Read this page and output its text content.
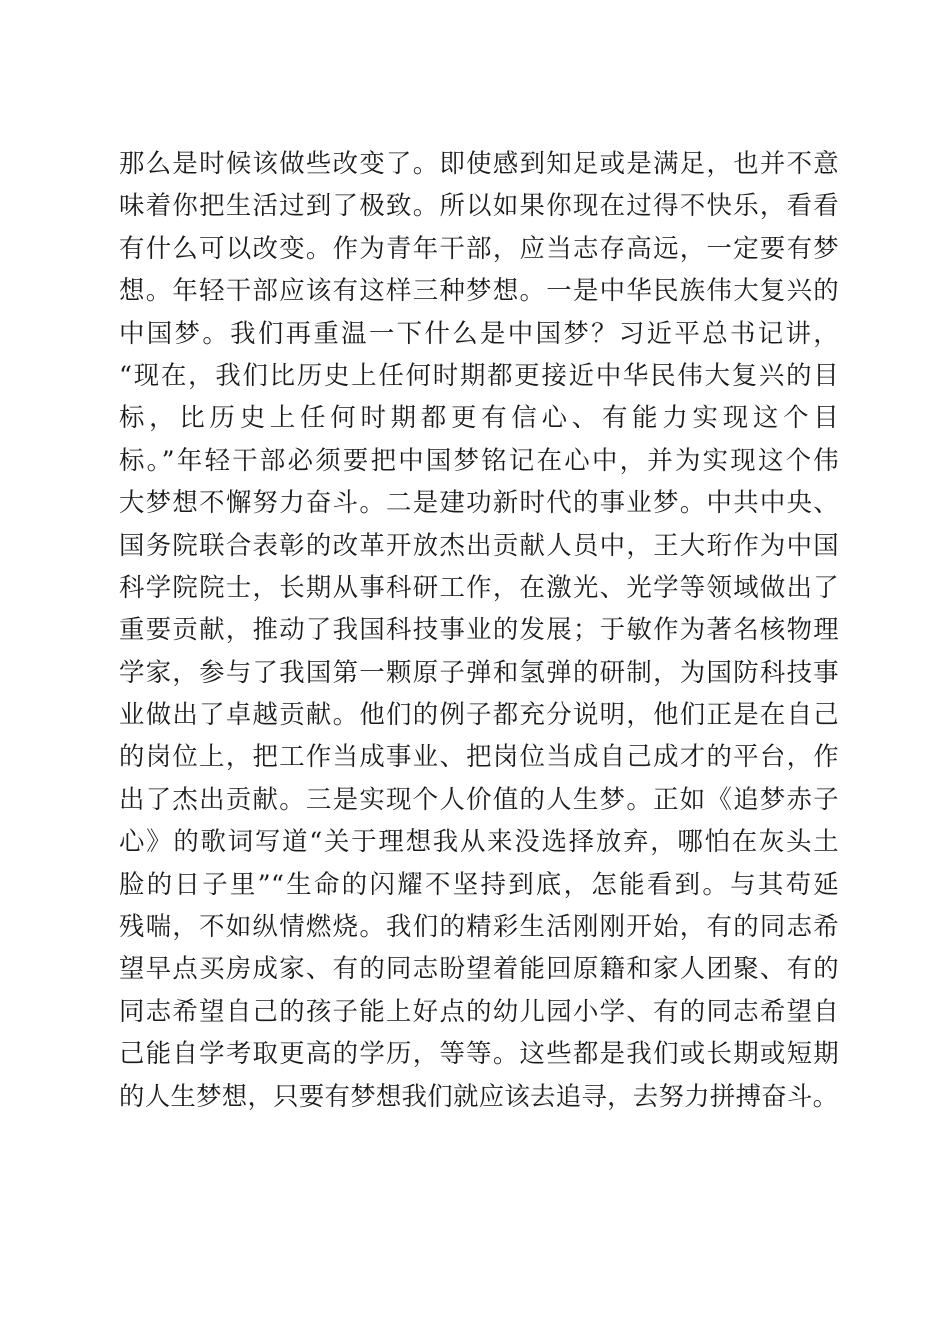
那么是时候该做些改变了。即使感到知足或是满足，也并不意
味着你把生活过到了极致。所以如果你现在过得不快乐，看看
有什么可以改变。作为青年干部，应当志存高远，一定要有梦
想。年轻干部应该有这样三种梦想。一是中华民族伟大复兴的
中国梦。我们再重温一下什么是中国梦？习近平总书记讲，
“现在，我们比历史上任何时期都更接近中华民伟大复兴的目
标，比历史上任何时期都更有信心、有能力实现这个目
标。”年轻干部必须要把中国梦铭记在心中，并为实现这个伟
大梦想不懈努力奋斗。二是建功新时代的事业梦。中共中央、
国务院联合表彰的改革开放杰出贡献人员中，王大珩作为中国
科学院院士，长期从事科研工作，在激光、光学等领域做出了
重要贡献，推动了我国科技事业的发展；于敏作为著名核物理
学家，参与了我国第一颗原子弹和氢弹的研制，为国防科技事
业做出了卓越贡献。他们的例子都充分说明，他们正是在自己
的岗位上，把工作当成事业、把岗位当成自己成才的平台，作
出了杰出贡献。三是实现个人价值的人生梦。正如《追梦赤子
心》的歌词写道“关于理想我从来没选择放弃，哪怕在灰头土
脸的日子里”“生命的闪耀不坚持到底，怎能看到。与其苟延
残喘，不如纵情燃烧。我们的精彩生活刚刚开始，有的同志希
望早点买房成家、有的同志盼望着能回原籍和家人团聚、有的
同志希望自己的孩子能上好点的幼儿园小学、有的同志希望自
己能自学考取更高的学历，等等。这些都是我们或长期或短期
的人生梦想，只要有梦想我们就应该去追寻，去努力拼搏奋斗。
